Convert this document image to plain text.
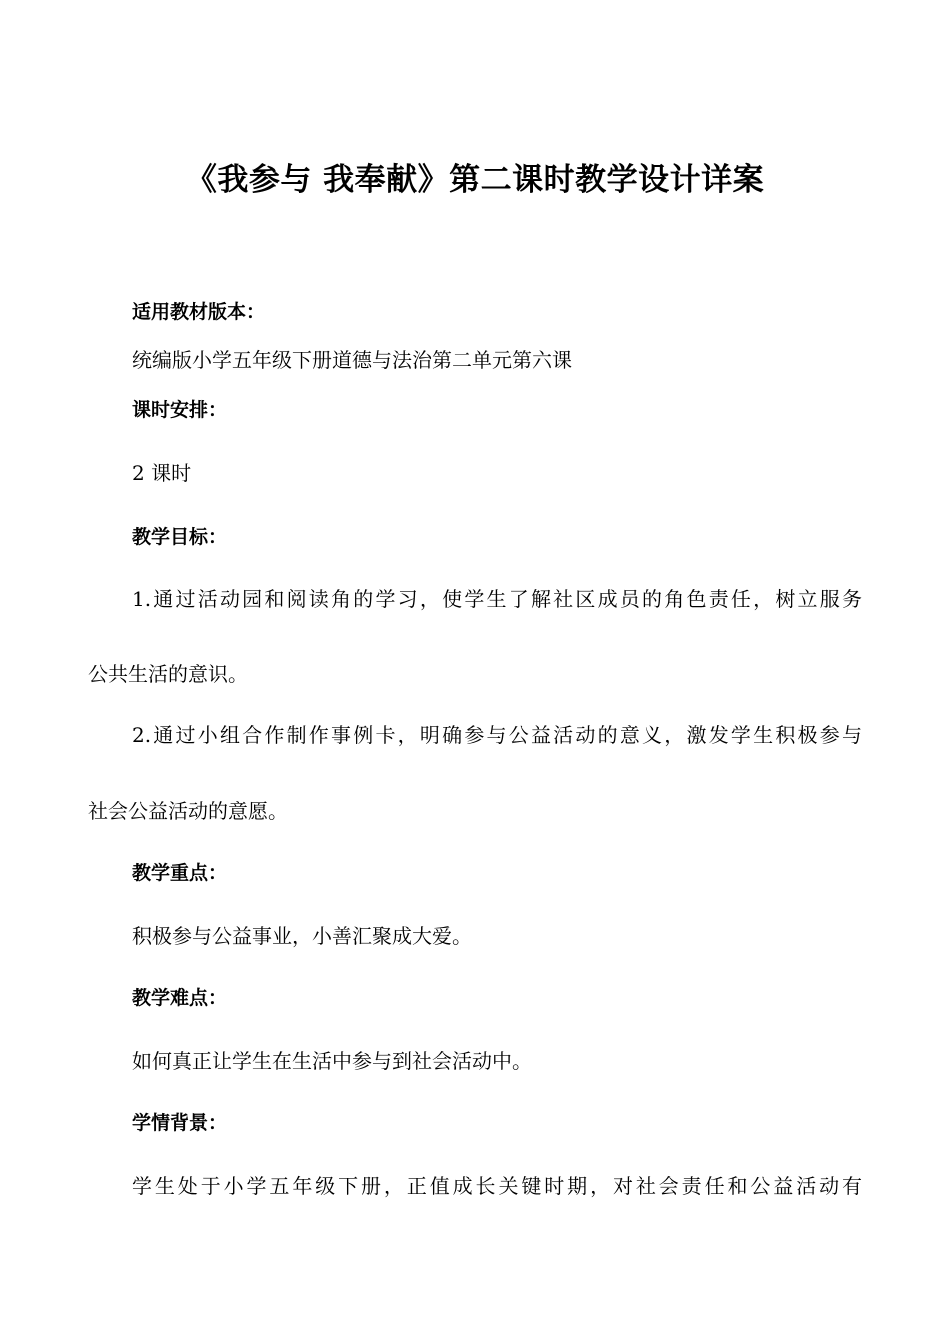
《我参与 我奉献》第二课时教学设计详案
适用教材版本：
统编版小学五年级下册道德与法治第二单元第六课
课时安排：
2 课时
教学目标：
1.通过活动园和阅读角的学习，使学生了解社区成员的角色责任，树立服务
公共生活的意识。
2.通过小组合作制作事例卡，明确参与公益活动的意义，激发学生积极参与
社会公益活动的意愿。
教学重点：
积极参与公益事业，小善汇聚成大爱。
教学难点：
如何真正让学生在生活中参与到社会活动中。
学情背景：
学生处于小学五年级下册，正值成长关键时期，对社会责任和公益活动有
